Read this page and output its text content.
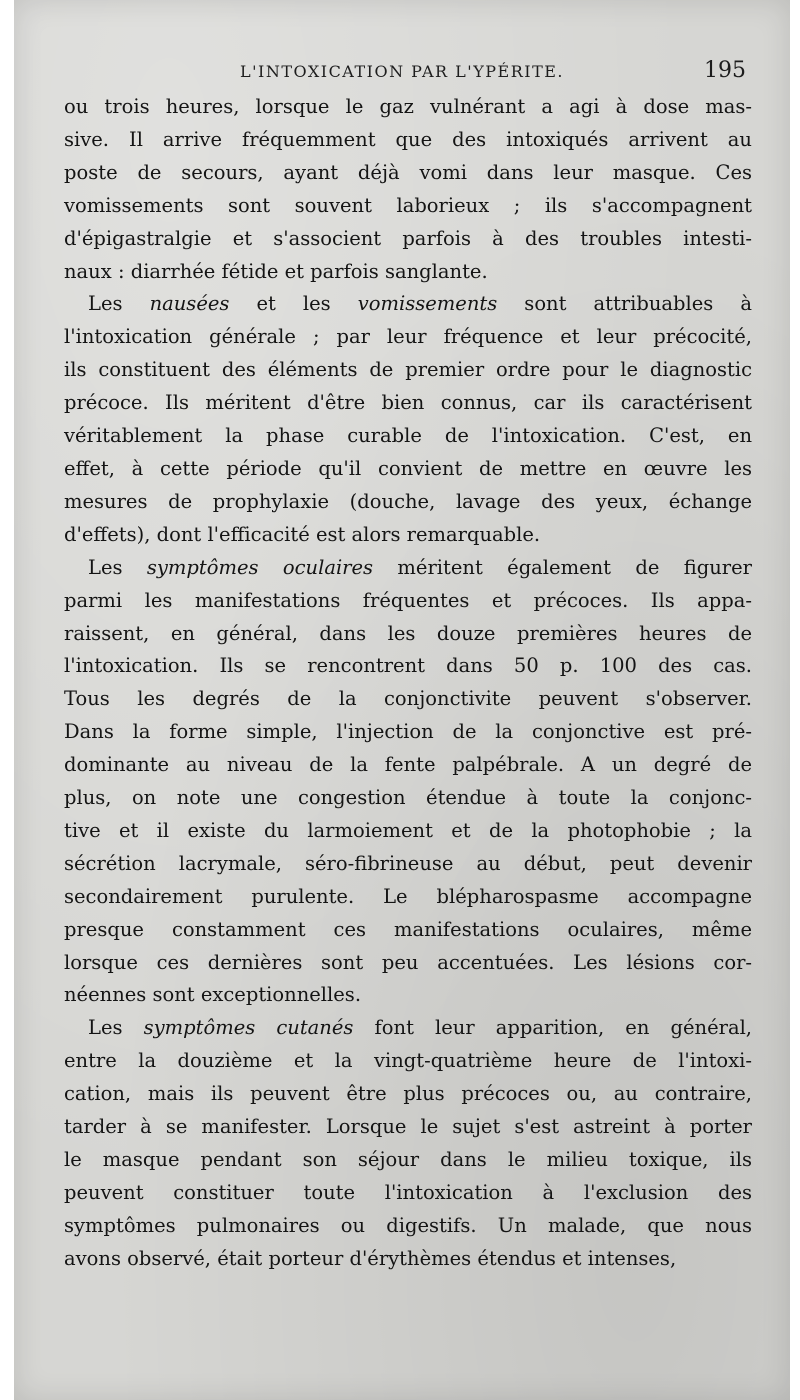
L'INTOXICATION PAR L'YPÉRITE.	195

ou trois heures, lorsque le gaz vulnérant a agi à dose mas-
sive. Il arrive fréquemment que des intoxiqués arrivent au
poste de secours, ayant déjà vomi dans leur masque. Ces
vomissements sont souvent laborieux ; ils s'accompagnent
d'épigastralgie et s'associent parfois à des troubles intesti-
naux : diarrhée fétide et parfois sanglante.

Les nausées et les vomissements sont attribuables à
l'intoxication générale ; par leur fréquence et leur précocité,
ils constituent des éléments de premier ordre pour le diagnostic
précoce. Ils méritent d'être bien connus, car ils caractérisent
véritablement la phase curable de l'intoxication. C'est, en
effet, à cette période qu'il convient de mettre en œuvre les
mesures de prophylaxie (douche, lavage des yeux, échange
d'effets), dont l'efficacité est alors remarquable.

Les symptômes oculaires méritent également de figurer
parmi les manifestations fréquentes et précoces. Ils appa-
raissent, en général, dans les douze premières heures de
l'intoxication. Ils se rencontrent dans 50 p. 100 des cas.
Tous les degrés de la conjonctivite peuvent s'observer.
Dans la forme simple, l'injection de la conjonctive est pré-
dominante au niveau de la fente palpébrale. A un degré de
plus, on note une congestion étendue à toute la conjonc-
tive et il existe du larmoiement et de la photophobie ; la
sécrétion lacrymale, séro-fibrineuse au début, peut devenir
secondairement purulente. Le blépharospasme accompagne
presque constamment ces manifestations oculaires, même
lorsque ces dernières sont peu accentuées. Les lésions cor-
néennes sont exceptionnelles.

Les symptômes cutanés font leur apparition, en général,
entre la douzième et la vingt-quatrième heure de l'intoxi-
cation, mais ils peuvent être plus précoces ou, au contraire,
tarder à se manifester. Lorsque le sujet s'est astreint à porter
le masque pendant son séjour dans le milieu toxique, ils
peuvent constituer toute l'intoxication à l'exclusion des
symptômes pulmonaires ou digestifs. Un malade, que nous
avons observé, était porteur d'érythèmes étendus et intenses,
